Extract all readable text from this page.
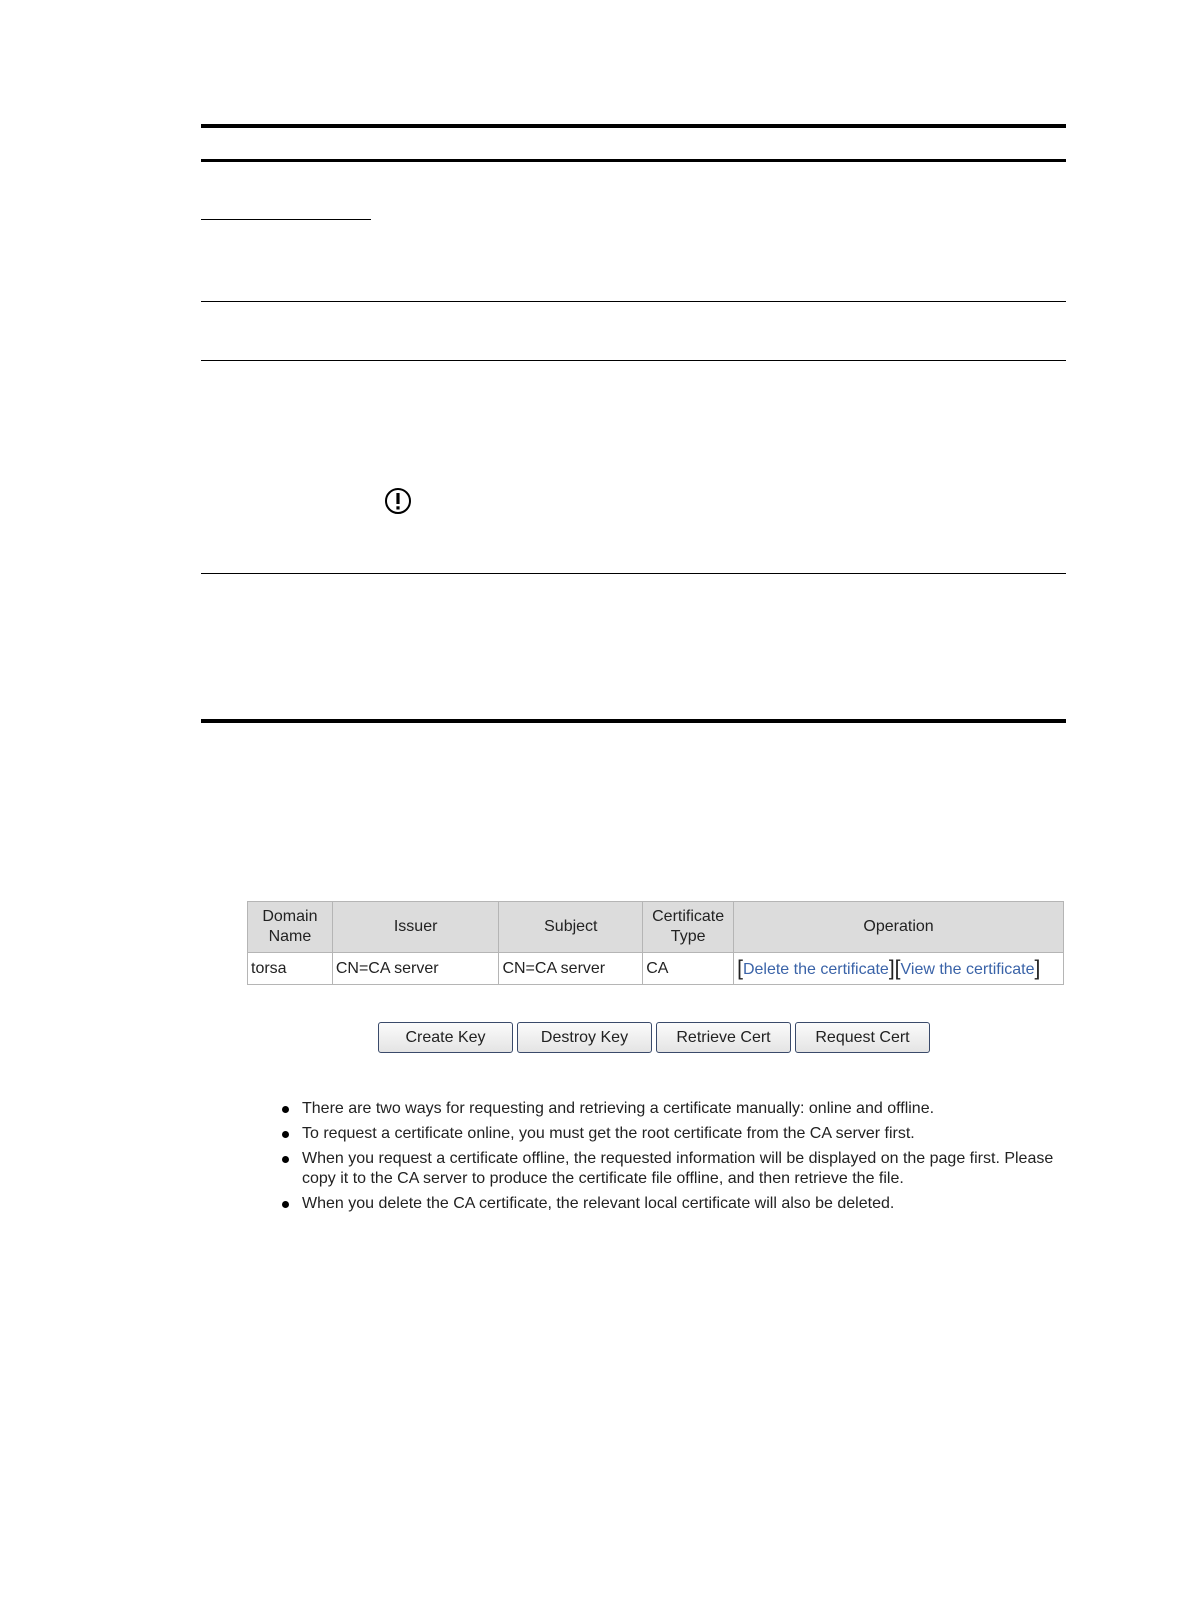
Domain Name	Issuer	Subject	Certificate Type	Operation
torsa	CN=CA server	CN=CA server	CA	[Delete the certificate][View the certificate]
Create Key	Destroy Key	Retrieve Cert	Request Cert
There are two ways for requesting and retrieving a certificate manually: online and offline.
To request a certificate online, you must get the root certificate from the CA server first.
When you request a certificate offline, the requested information will be displayed on the page first. Please copy it to the CA server to produce the certificate file offline, and then retrieve the file.
When you delete the CA certificate, the relevant local certificate will also be deleted.
